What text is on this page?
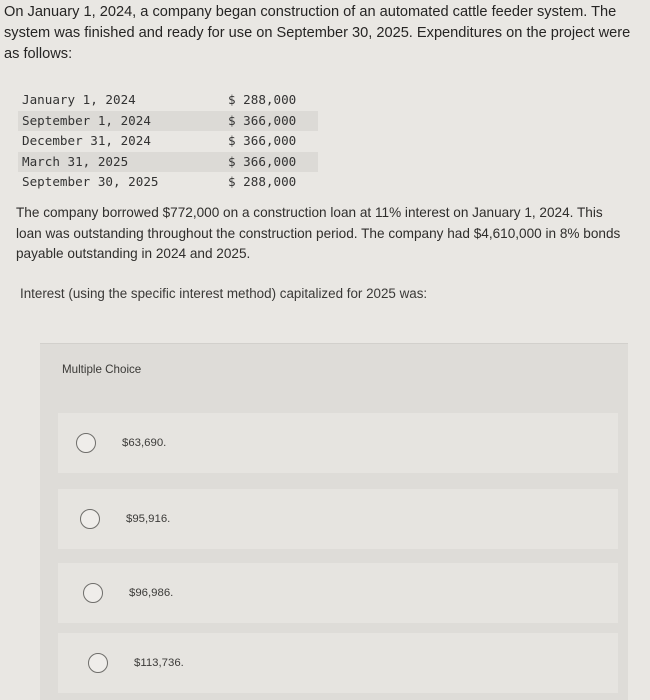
On January 1, 2024, a company began construction of an automated cattle feeder system. The system was finished and ready for use on September 30, 2025. Expenditures on the project were as follows:

January 1, 2024	$ 288,000
September 1, 2024	$ 366,000
December 31, 2024	$ 366,000
March 31, 2025	$ 366,000
September 30, 2025	$ 288,000

The company borrowed $772,000 on a construction loan at 11% interest on January 1, 2024. This loan was outstanding throughout the construction period. The company had $4,610,000 in 8% bonds payable outstanding in 2024 and 2025.

Interest (using the specific interest method) capitalized for 2025 was:

Multiple Choice
$63,690.
$95,916.
$96,986.
$113,736.
